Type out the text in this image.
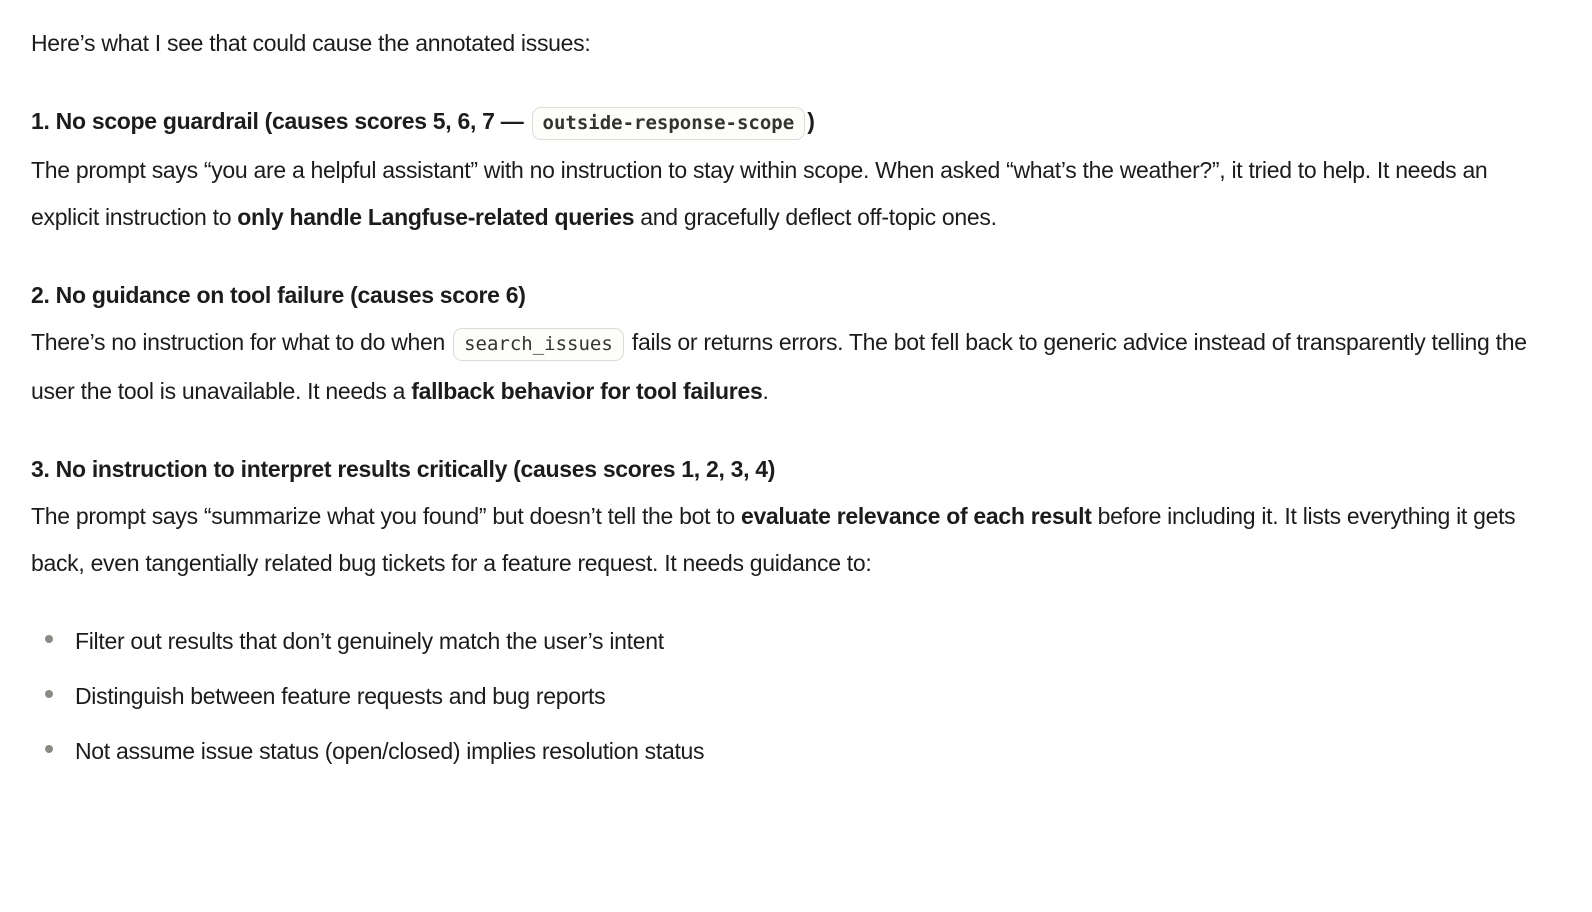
Here’s what I see that could cause the annotated issues:

1. No scope guardrail (causes scores 5, 6, 7 — outside-response-scope )

The prompt says “you are a helpful assistant” with no instruction to stay within scope. When asked “what’s the weather?”, it tried to help. It needs an explicit instruction to only handle Langfuse-related queries and gracefully deflect off-topic ones.

2. No guidance on tool failure (causes score 6)

There’s no instruction for what to do when search_issues fails or returns errors. The bot fell back to generic advice instead of transparently telling the user the tool is unavailable. It needs a fallback behavior for tool failures.

3. No instruction to interpret results critically (causes scores 1, 2, 3, 4)

The prompt says “summarize what you found” but doesn’t tell the bot to evaluate relevance of each result before including it. It lists everything it gets back, even tangentially related bug tickets for a feature request. It needs guidance to:

Filter out results that don’t genuinely match the user’s intent
Distinguish between feature requests and bug reports
Not assume issue status (open/closed) implies resolution status
